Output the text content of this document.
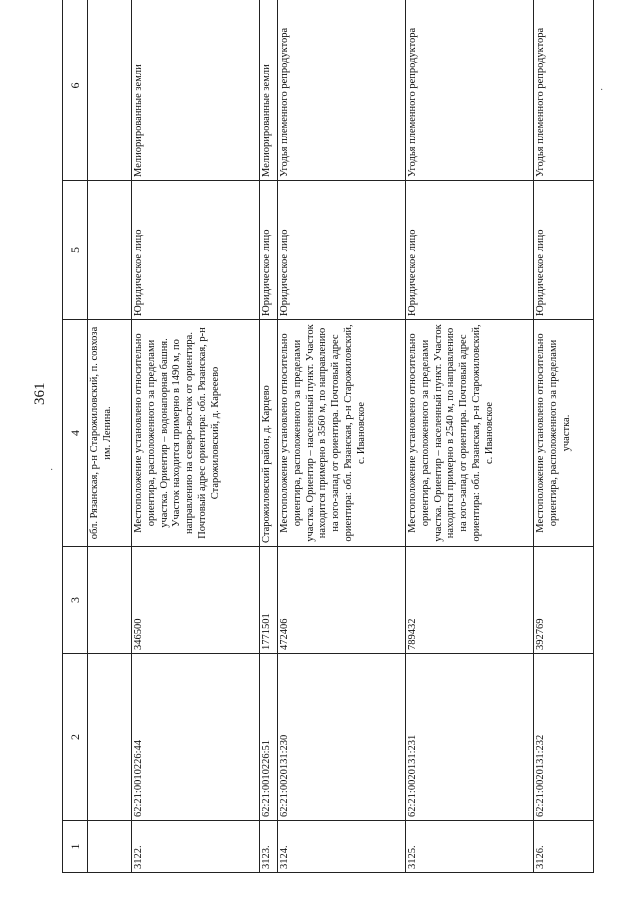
361
·
·
1	2	3	4	5	6
			обл. Рязанская, р-н Старожиловский, п. совхоза им. Ленина.		
3122.	62:21:0010226:44	346500	Местоположение установлено относительно ориентира, расположенного за пределами участка. Ориентир – водонапорная башня. Участок находится примерно в 1490 м, по направлению на северо-восток от ориентира. Почтовый адрес ориентира: обл. Рязанская, р-н Старожиловский, д. Карееево	Юридическое лицо	Мелиорированные земли
3123.	62:21:0010226:51	1771501	Старожиловский район, д. Карцево	Юридическое лицо	Мелиорированные земли
3124.	62:21:0020131:230	472406	Местоположение установлено относительно ориентира, расположенного за пределами участка. Ориентир – населенный пункт. Участок находится примерно в 3560 м, по направлению на юго-запад от ориентира. Почтовый адрес ориентира: обл. Рязанская, р-н Старожиловский, с. Ивановское	Юридическое лицо	Угодья племенного репродуктора
3125.	62:21:0020131:231	789432	Местоположение установлено относительно ориентира, расположенного за пределами участка. Ориентир – населенный пункт. Участок находится примерно в 2540 м, по направлению на юго-запад от ориентира. Почтовый адрес ориентира: обл. Рязанская, р-н Старожиловский, с. Ивановское	Юридическое лицо	Угодья племенного репродуктора
3126.	62:21:0020131:232	392769	Местоположение установлено относительно ориентира, расположенного за пределами участка.	Юридическое лицо	Угодья племенного репродуктора
